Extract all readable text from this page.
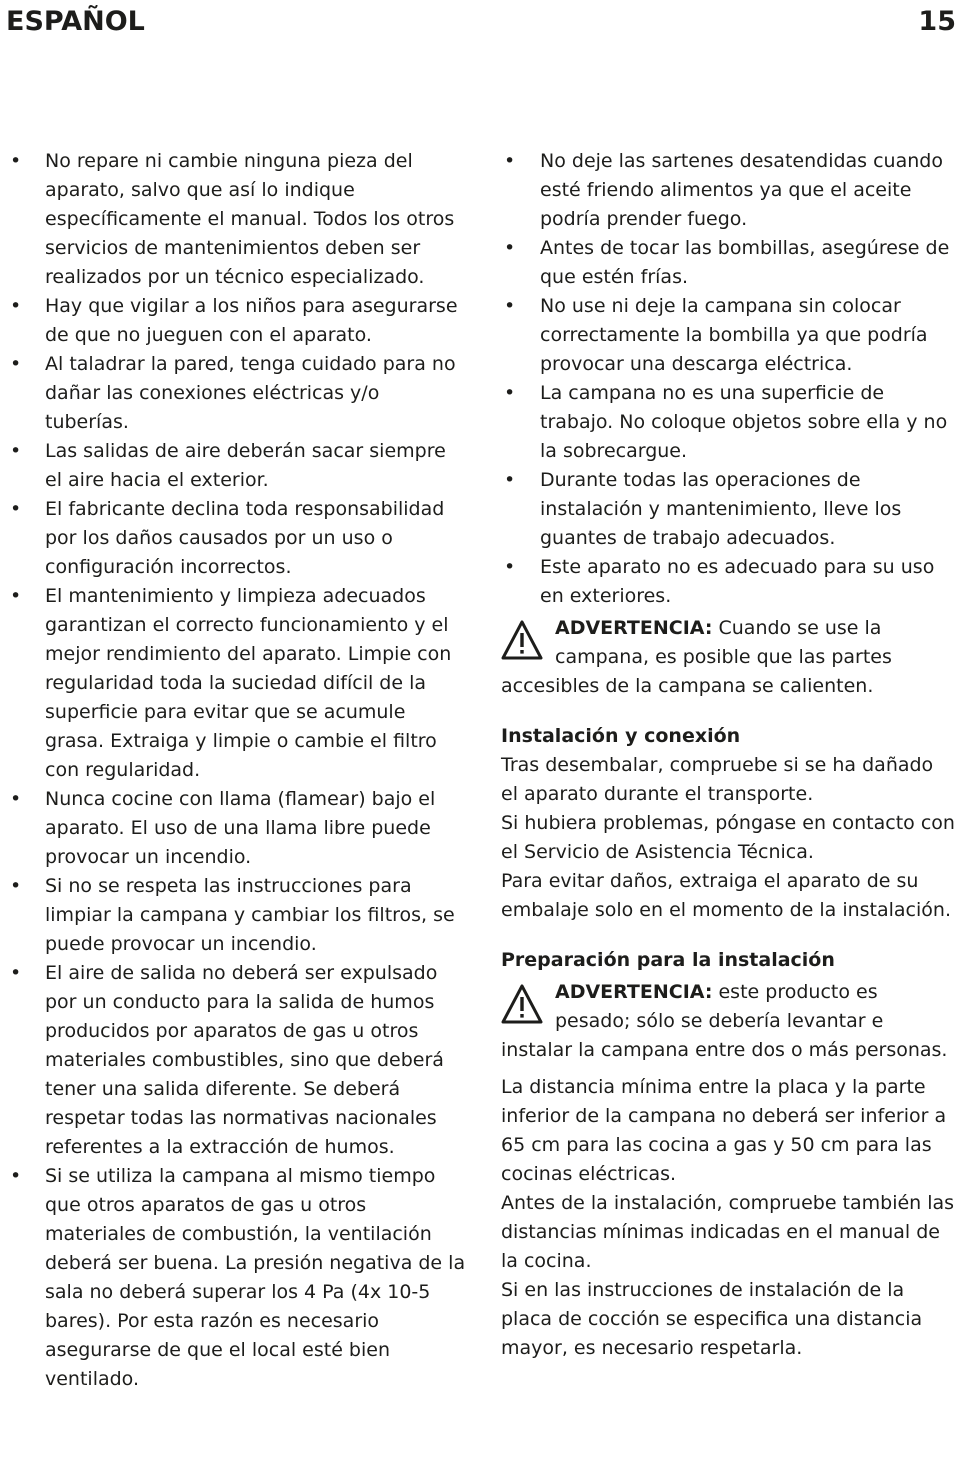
ESPAÑOL	15
• No repare ni cambie ninguna pieza del aparato, salvo que así lo indique específicamente el manual. Todos los otros servicios de mantenimientos deben ser realizados por un técnico especializado.
• Hay que vigilar a los niños para asegurarse de que no jueguen con el aparato.
• Al taladrar la pared, tenga cuidado para no dañar las conexiones eléctricas y/o tuberías.
• Las salidas de aire deberán sacar siempre el aire hacia el exterior.
• El fabricante declina toda responsabilidad por los daños causados por un uso o configuración incorrectos.
• El mantenimiento y limpieza adecuados garantizan el correcto funcionamiento y el mejor rendimiento del aparato. Limpie con regularidad toda la suciedad difícil de la superficie para evitar que se acumule grasa. Extraiga y limpie o cambie el filtro con regularidad.
• Nunca cocine con llama (flamear) bajo el aparato. El uso de una llama libre puede provocar un incendio.
• Si no se respeta las instrucciones para limpiar la campana y cambiar los filtros, se puede provocar un incendio.
• El aire de salida no deberá ser expulsado por un conducto para la salida de humos producidos por aparatos de gas u otros materiales combustibles, sino que deberá tener una salida diferente. Se deberá respetar todas las normativas nacionales referentes a la extracción de humos.
• Si se utiliza la campana al mismo tiempo que otros aparatos de gas u otros materiales de combustión, la ventilación deberá ser buena. La presión negativa de la sala no deberá superar los 4 Pa (4x 10-5 bares). Por esta razón es necesario asegurarse de que el local esté bien ventilado.
• No deje las sartenes desatendidas cuando esté friendo alimentos ya que el aceite podría prender fuego.
• Antes de tocar las bombillas, asegúrese de que estén frías.
• No use ni deje la campana sin colocar correctamente la bombilla ya que podría provocar una descarga eléctrica.
• La campana no es una superficie de trabajo. No coloque objetos sobre ella y no la sobrecargue.
• Durante todas las operaciones de instalación y mantenimiento, lleve los guantes de trabajo adecuados.
• Este aparato no es adecuado para su uso en exteriores.
ADVERTENCIA: Cuando se use la campana, es posible que las partes accesibles de la campana se calienten.
Instalación y conexión

Tras desembalar, compruebe si se ha dañado el aparato durante el transporte.

Si hubiera problemas, póngase en contacto con el Servicio de Asistencia Técnica.

Para evitar daños, extraiga el aparato de su embalaje solo en el momento de la instalación.

Preparación para la instalación
ADVERTENCIA: este producto es pesado; sólo se debería levantar e instalar la campana entre dos o más personas.

La distancia mínima entre la placa y la parte inferior de la campana no deberá ser inferior a 65 cm para las cocina a gas y 50 cm para las cocinas eléctricas.

Antes de la instalación, compruebe también las distancias mínimas indicadas en el manual de la cocina.

Si en las instrucciones de instalación de la placa de cocción se especifica una distancia mayor, es necesario respetarla.
